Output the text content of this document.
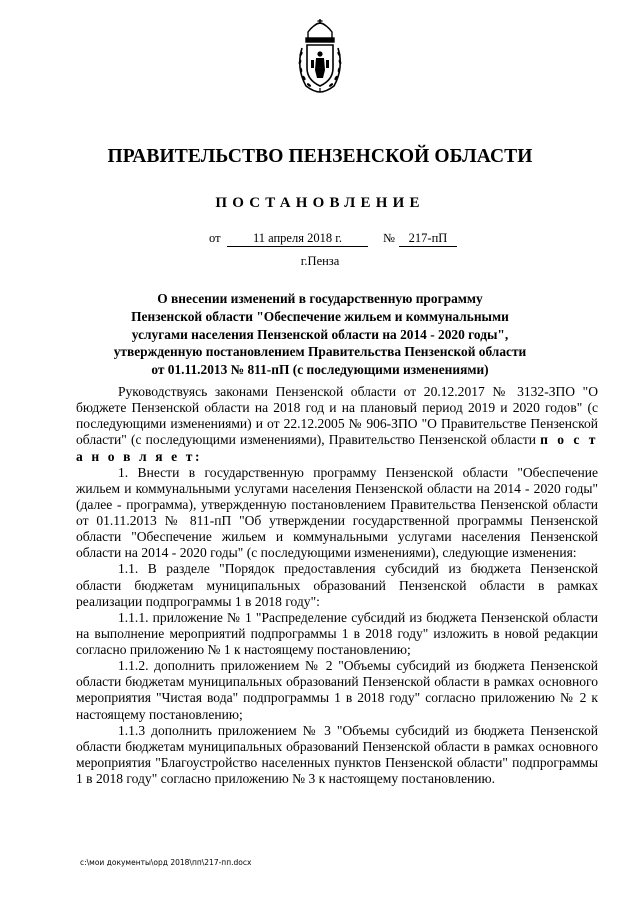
ПРАВИТЕЛЬСТВО ПЕНЗЕНСКОЙ ОБЛАСТИ
ПОСТАНОВЛЕНИЕ
от	11 апреля 2018 г.	№	217-пП
г.Пенза
О внесении изменений в государственную программу
Пензенской области "Обеспечение жильем и коммунальными
услугами населения Пензенской области на 2014 - 2020 годы",
утвержденную постановлением Правительства Пензенской области
от 01.11.2013 № 811-пП (с последующими изменениями)

Руководствуясь законами Пензенской области от 20.12.2017 № 3132-ЗПО "О бюджете Пензенской области на 2018 год и на плановый период 2019 и 2020 годов" (с последующими изменениями) и от 22.12.2005 № 906-ЗПО "О Правительстве Пензенской области" (с последующими изменениями), Правительство Пензенской области п о с т а н о в л я е т:

1. Внести в государственную программу Пензенской области "Обеспечение жильем и коммунальными услугами населения Пензенской области на 2014 - 2020 годы" (далее - программа), утвержденную постановлением Правительства Пензенской области от 01.11.2013 № 811-пП "Об утверждении государственной программы Пензенской области "Обеспечение жильем и коммунальными услугами населения Пензенской области на 2014 - 2020 годы" (с последующими изменениями), следующие изменения:

1.1. В разделе "Порядок предоставления субсидий из бюджета Пензенской области бюджетам муниципальных образований Пензенской области в рамках реализации подпрограммы 1 в 2018 году":

1.1.1. приложение № 1 "Распределение субсидий из бюджета Пензенской области на выполнение мероприятий подпрограммы 1 в 2018 году" изложить в новой редакции согласно приложению № 1 к настоящему постановлению;

1.1.2. дополнить приложением № 2 "Объемы субсидий из бюджета Пензенской области бюджетам муниципальных образований Пензенской области в рамках основного мероприятия "Чистая вода" подпрограммы 1 в 2018 году" согласно приложению № 2 к настоящему постановлению;

1.1.3 дополнить приложением № 3 "Объемы субсидий из бюджета Пензенской области бюджетам муниципальных образований Пензенской области в рамках основного мероприятия "Благоустройство населенных пунктов Пензенской области" подпрограммы 1 в 2018 году" согласно приложению № 3 к настоящему постановлению.

c:\мои документы\орд 2018\пп\217-пп.docx
